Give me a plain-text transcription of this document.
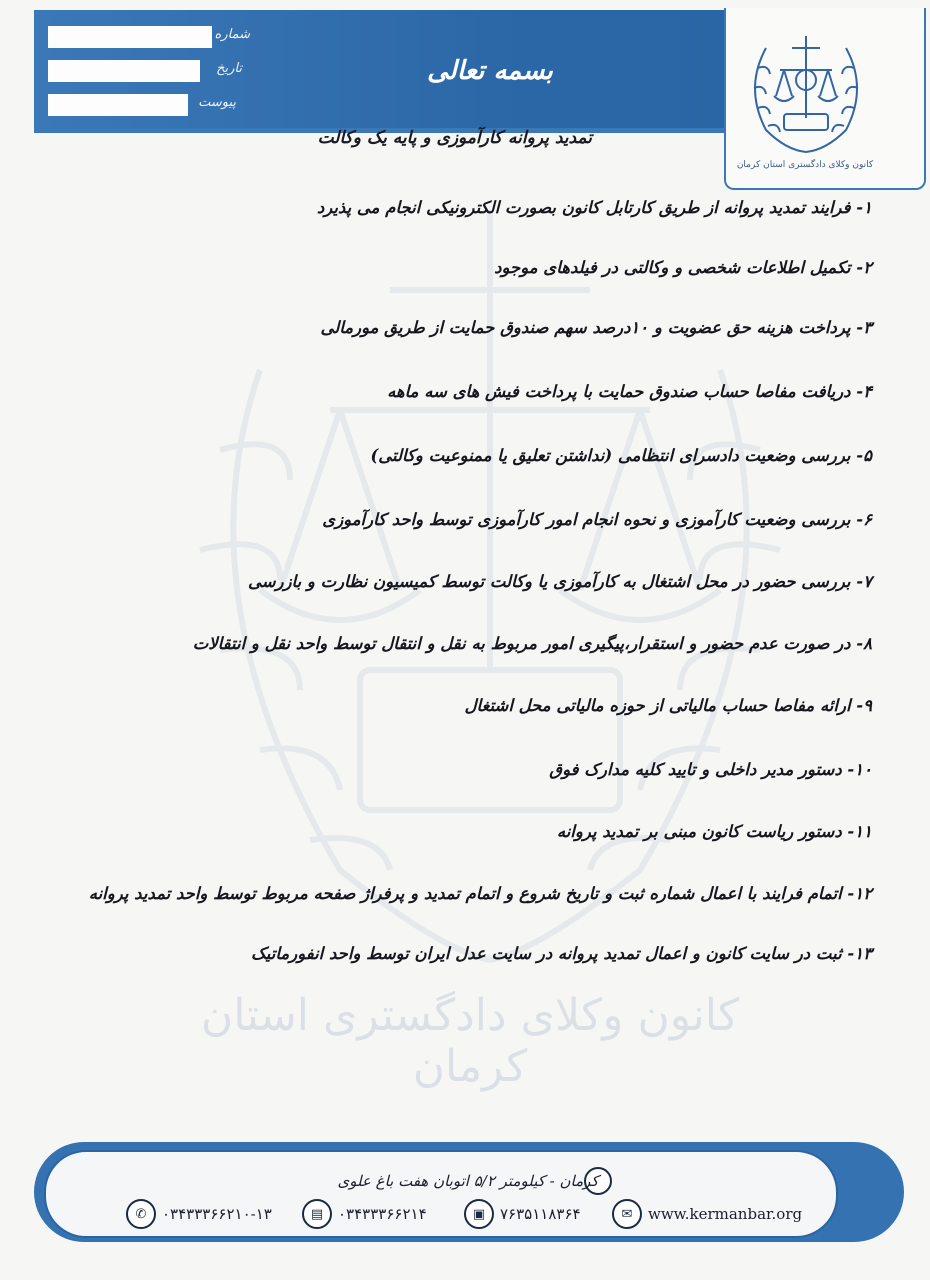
کانون وکلای دادگستری استان کرمان
شماره
تاریخ
پیوست
بسمه تعالی
کانون وکلای دادگستری استان کرمان
تمدید پروانه کارآموزی و پایه یک وکالت
۱- فرایند تمدید پروانه از طریق کارتابل کانون بصورت الکترونیکی انجام می پذیرد
۲- تکمیل اطلاعات شخصی و وکالتی در فیلدهای موجود
۳- پرداخت هزینه حق عضویت و ۱۰درصد سهم صندوق حمایت از طریق مورمالی
۴- دریافت مفاصا حساب صندوق حمایت با پرداخت فیش های سه ماهه
۵- بررسی وضعیت دادسرای انتظامی (نداشتن تعلیق یا ممنوعیت وکالتی)
۶- بررسی وضعیت کارآموزی و نحوه انجام امور کارآموزی توسط واحد کارآموزی
۷- بررسی حضور در محل اشتغال به کارآموزی یا وکالت توسط کمیسیون نظارت و بازرسی
۸- در صورت عدم حضور و استقرار،پیگیری امور مربوط به نقل و انتقال توسط واحد نقل و انتقالات
۹- ارائه مفاصا حساب مالیاتی از حوزه مالیاتی محل اشتغال
۱۰- دستور مدیر داخلی و تایید کلیه مدارک فوق
۱۱- دستور ریاست کانون مبنی بر تمدید پروانه
۱۲- اتمام فرایند با اعمال شماره ثبت و تاریخ شروع و اتمام تمدید و پرفراژ صفحه مربوط توسط واحد تمدید پروانه
۱۳- ثبت در سایت کانون و اعمال تمدید پروانه در سایت عدل ایران توسط واحد انفورماتیک
کرمان - کیلومتر ۵/۲ اتوبان هفت باغ علوی
✉	www.kermanbar.org
▣ ۷۶۳۵۱۱۸۳۶۴
▤ ۰۳۴۳۳۳۶۶۲۱۴
✆	۰۳۴۳۳۳۶۶۲۱۰-۱۳
